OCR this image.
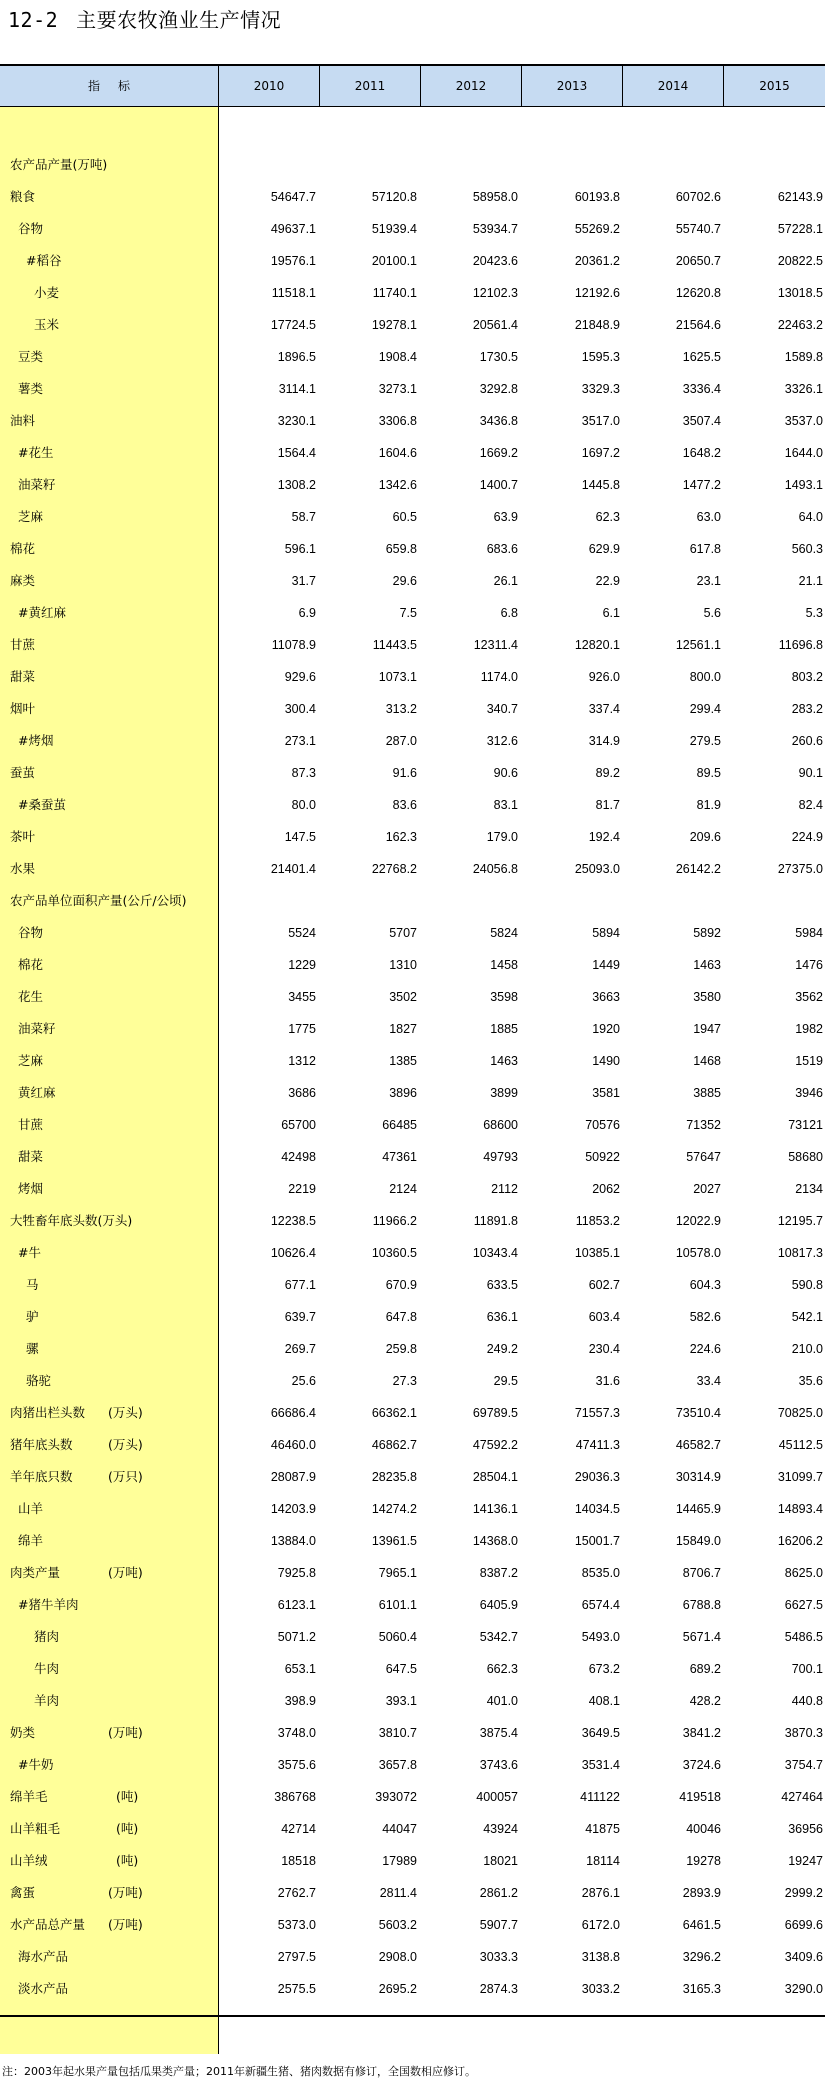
12-2 主要农牧渔业生产情况
指标	2010	2011	2012	2013	2014	2015
农产品产量(万吨)
粮食	54647.7	57120.8	58958.0	60193.8	60702.6	62143.9
谷物	49637.1	51939.4	53934.7	55269.2	55740.7	57228.1
#稻谷	19576.1	20100.1	20423.6	20361.2	20650.7	20822.5
小麦	11518.1	11740.1	12102.3	12192.6	12620.8	13018.5
玉米	17724.5	19278.1	20561.4	21848.9	21564.6	22463.2
豆类	1896.5	1908.4	1730.5	1595.3	1625.5	1589.8
薯类	3114.1	3273.1	3292.8	3329.3	3336.4	3326.1
油料	3230.1	3306.8	3436.8	3517.0	3507.4	3537.0
#花生	1564.4	1604.6	1669.2	1697.2	1648.2	1644.0
油菜籽	1308.2	1342.6	1400.7	1445.8	1477.2	1493.1
芝麻	58.7	60.5	63.9	62.3	63.0	64.0
棉花	596.1	659.8	683.6	629.9	617.8	560.3
麻类	31.7	29.6	26.1	22.9	23.1	21.1
#黄红麻	6.9	7.5	6.8	6.1	5.6	5.3
甘蔗	11078.9	11443.5	12311.4	12820.1	12561.1	11696.8
甜菜	929.6	1073.1	1174.0	926.0	800.0	803.2
烟叶	300.4	313.2	340.7	337.4	299.4	283.2
#烤烟	273.1	287.0	312.6	314.9	279.5	260.6
蚕茧	87.3	91.6	90.6	89.2	89.5	90.1
#桑蚕茧	80.0	83.6	83.1	81.7	81.9	82.4
茶叶	147.5	162.3	179.0	192.4	209.6	224.9
水果	21401.4	22768.2	24056.8	25093.0	26142.2	27375.0
农产品单位面积产量(公斤/公顷)
谷物	5524	5707	5824	5894	5892	5984
棉花	1229	1310	1458	1449	1463	1476
花生	3455	3502	3598	3663	3580	3562
油菜籽	1775	1827	1885	1920	1947	1982
芝麻	1312	1385	1463	1490	1468	1519
黄红麻	3686	3896	3899	3581	3885	3946
甘蔗	65700	66485	68600	70576	71352	73121
甜菜	42498	47361	49793	50922	57647	58680
烤烟	2219	2124	2112	2062	2027	2134
大牲畜年底头数(万头)	12238.5	11966.2	11891.8	11853.2	12022.9	12195.7
#牛	10626.4	10360.5	10343.4	10385.1	10578.0	10817.3
马	677.1	670.9	633.5	602.7	604.3	590.8
驴	639.7	647.8	636.1	603.4	582.6	542.1
骡	269.7	259.8	249.2	230.4	224.6	210.0
骆驼	25.6	27.3	29.5	31.6	33.4	35.6
肉猪出栏头数 (万头)	66686.4	66362.1	69789.5	71557.3	73510.4	70825.0
猪年底头数	(万头)	46460.0	46862.7	47592.2	47411.3	46582.7	45112.5
羊年底只数	(万只)	28087.9	28235.8	28504.1	29036.3	30314.9	31099.7
山羊	14203.9	14274.2	14136.1	14034.5	14465.9	14893.4
绵羊	13884.0	13961.5	14368.0	15001.7	15849.0	16206.2
肉类产量	(万吨)	7925.8	7965.1	8387.2	8535.0	8706.7	8625.0
#猪牛羊肉	6123.1	6101.1	6405.9	6574.4	6788.8	6627.5
猪肉	5071.2	5060.4	5342.7	5493.0	5671.4	5486.5
牛肉	653.1	647.5	662.3	673.2	689.2	700.1
羊肉	398.9	393.1	401.0	408.1	428.2	440.8
奶类	(万吨)	3748.0	3810.7	3875.4	3649.5	3841.2	3870.3
#牛奶	3575.6	3657.8	3743.6	3531.4	3724.6	3754.7
绵羊毛	(吨)	386768	393072	400057	411122	419518	427464
山羊粗毛	(吨)	42714	44047	43924	41875	40046	36956
山羊绒	(吨)	18518	17989	18021	18114	19278	19247
禽蛋	(万吨)	2762.7	2811.4	2861.2	2876.1	2893.9	2999.2
水产品总产量 (万吨)	5373.0	5603.2	5907.7	6172.0	6461.5	6699.6
海水产品	2797.5	2908.0	3033.3	3138.8	3296.2	3409.6
淡水产品	2575.5	2695.2	2874.3	3033.2	3165.3	3290.0
注：2003年起水果产量包括瓜果类产量；2011年新疆生猪、猪肉数据有修订，全国数相应修订。
